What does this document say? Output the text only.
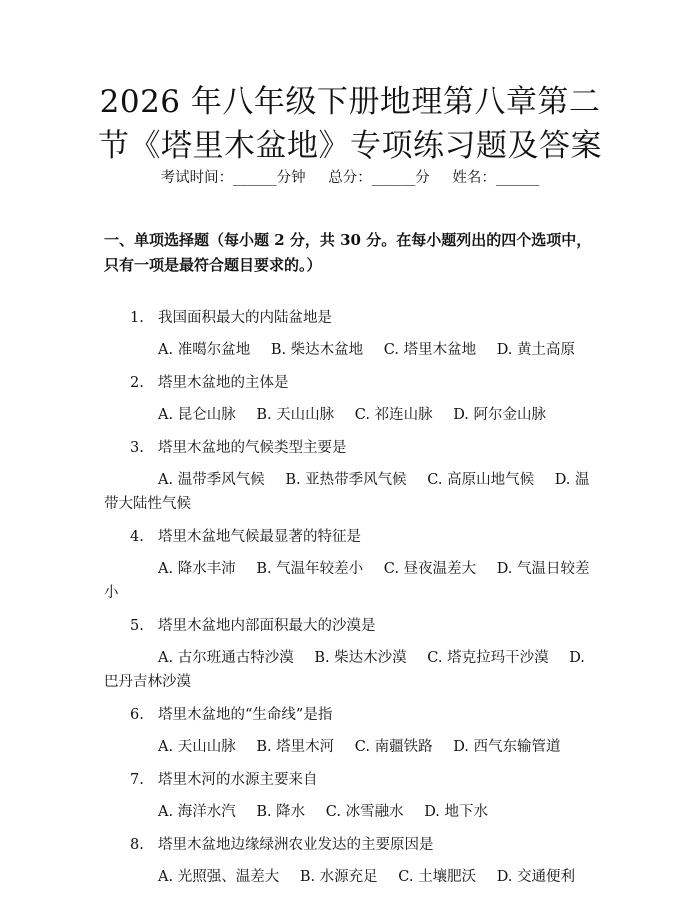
2026 年八年级下册地理第八章第二节《塔里木盆地》专项练习题及答案
考试时间：______分钟 总分：______分 姓名：______
一、单项选择题（每小题 2 分，共 30 分。在每小题列出的四个选项中，只有一项是最符合题目要求的。）
1. 我国面积最大的内陆盆地是
A. 准噶尔盆地 B. 柴达木盆地 C. 塔里木盆地 D. 黄土高原
2. 塔里木盆地的主体是
A. 昆仑山脉 B. 天山山脉 C. 祁连山脉 D. 阿尔金山脉
3. 塔里木盆地的气候类型主要是
A. 温带季风气候 B. 亚热带季风气候 C. 高原山地气候 D. 温带大陆性气候
4. 塔里木盆地气候最显著的特征是
A. 降水丰沛 B. 气温年较差小 C. 昼夜温差大 D. 气温日较差小
5. 塔里木盆地内部面积最大的沙漠是
A. 古尔班通古特沙漠 B. 柴达木沙漠 C. 塔克拉玛干沙漠 D. 巴丹吉林沙漠
6. 塔里木盆地的“生命线”是指
A. 天山山脉 B. 塔里木河 C. 南疆铁路 D. 西气东输管道
7. 塔里木河的水源主要来自
A. 海洋水汽 B. 降水 C. 冰雪融水 D. 地下水
8. 塔里木盆地边缘绿洲农业发达的主要原因是
A. 光照强、温差大 B. 水源充足 C. 土壤肥沃 D. 交通便利
